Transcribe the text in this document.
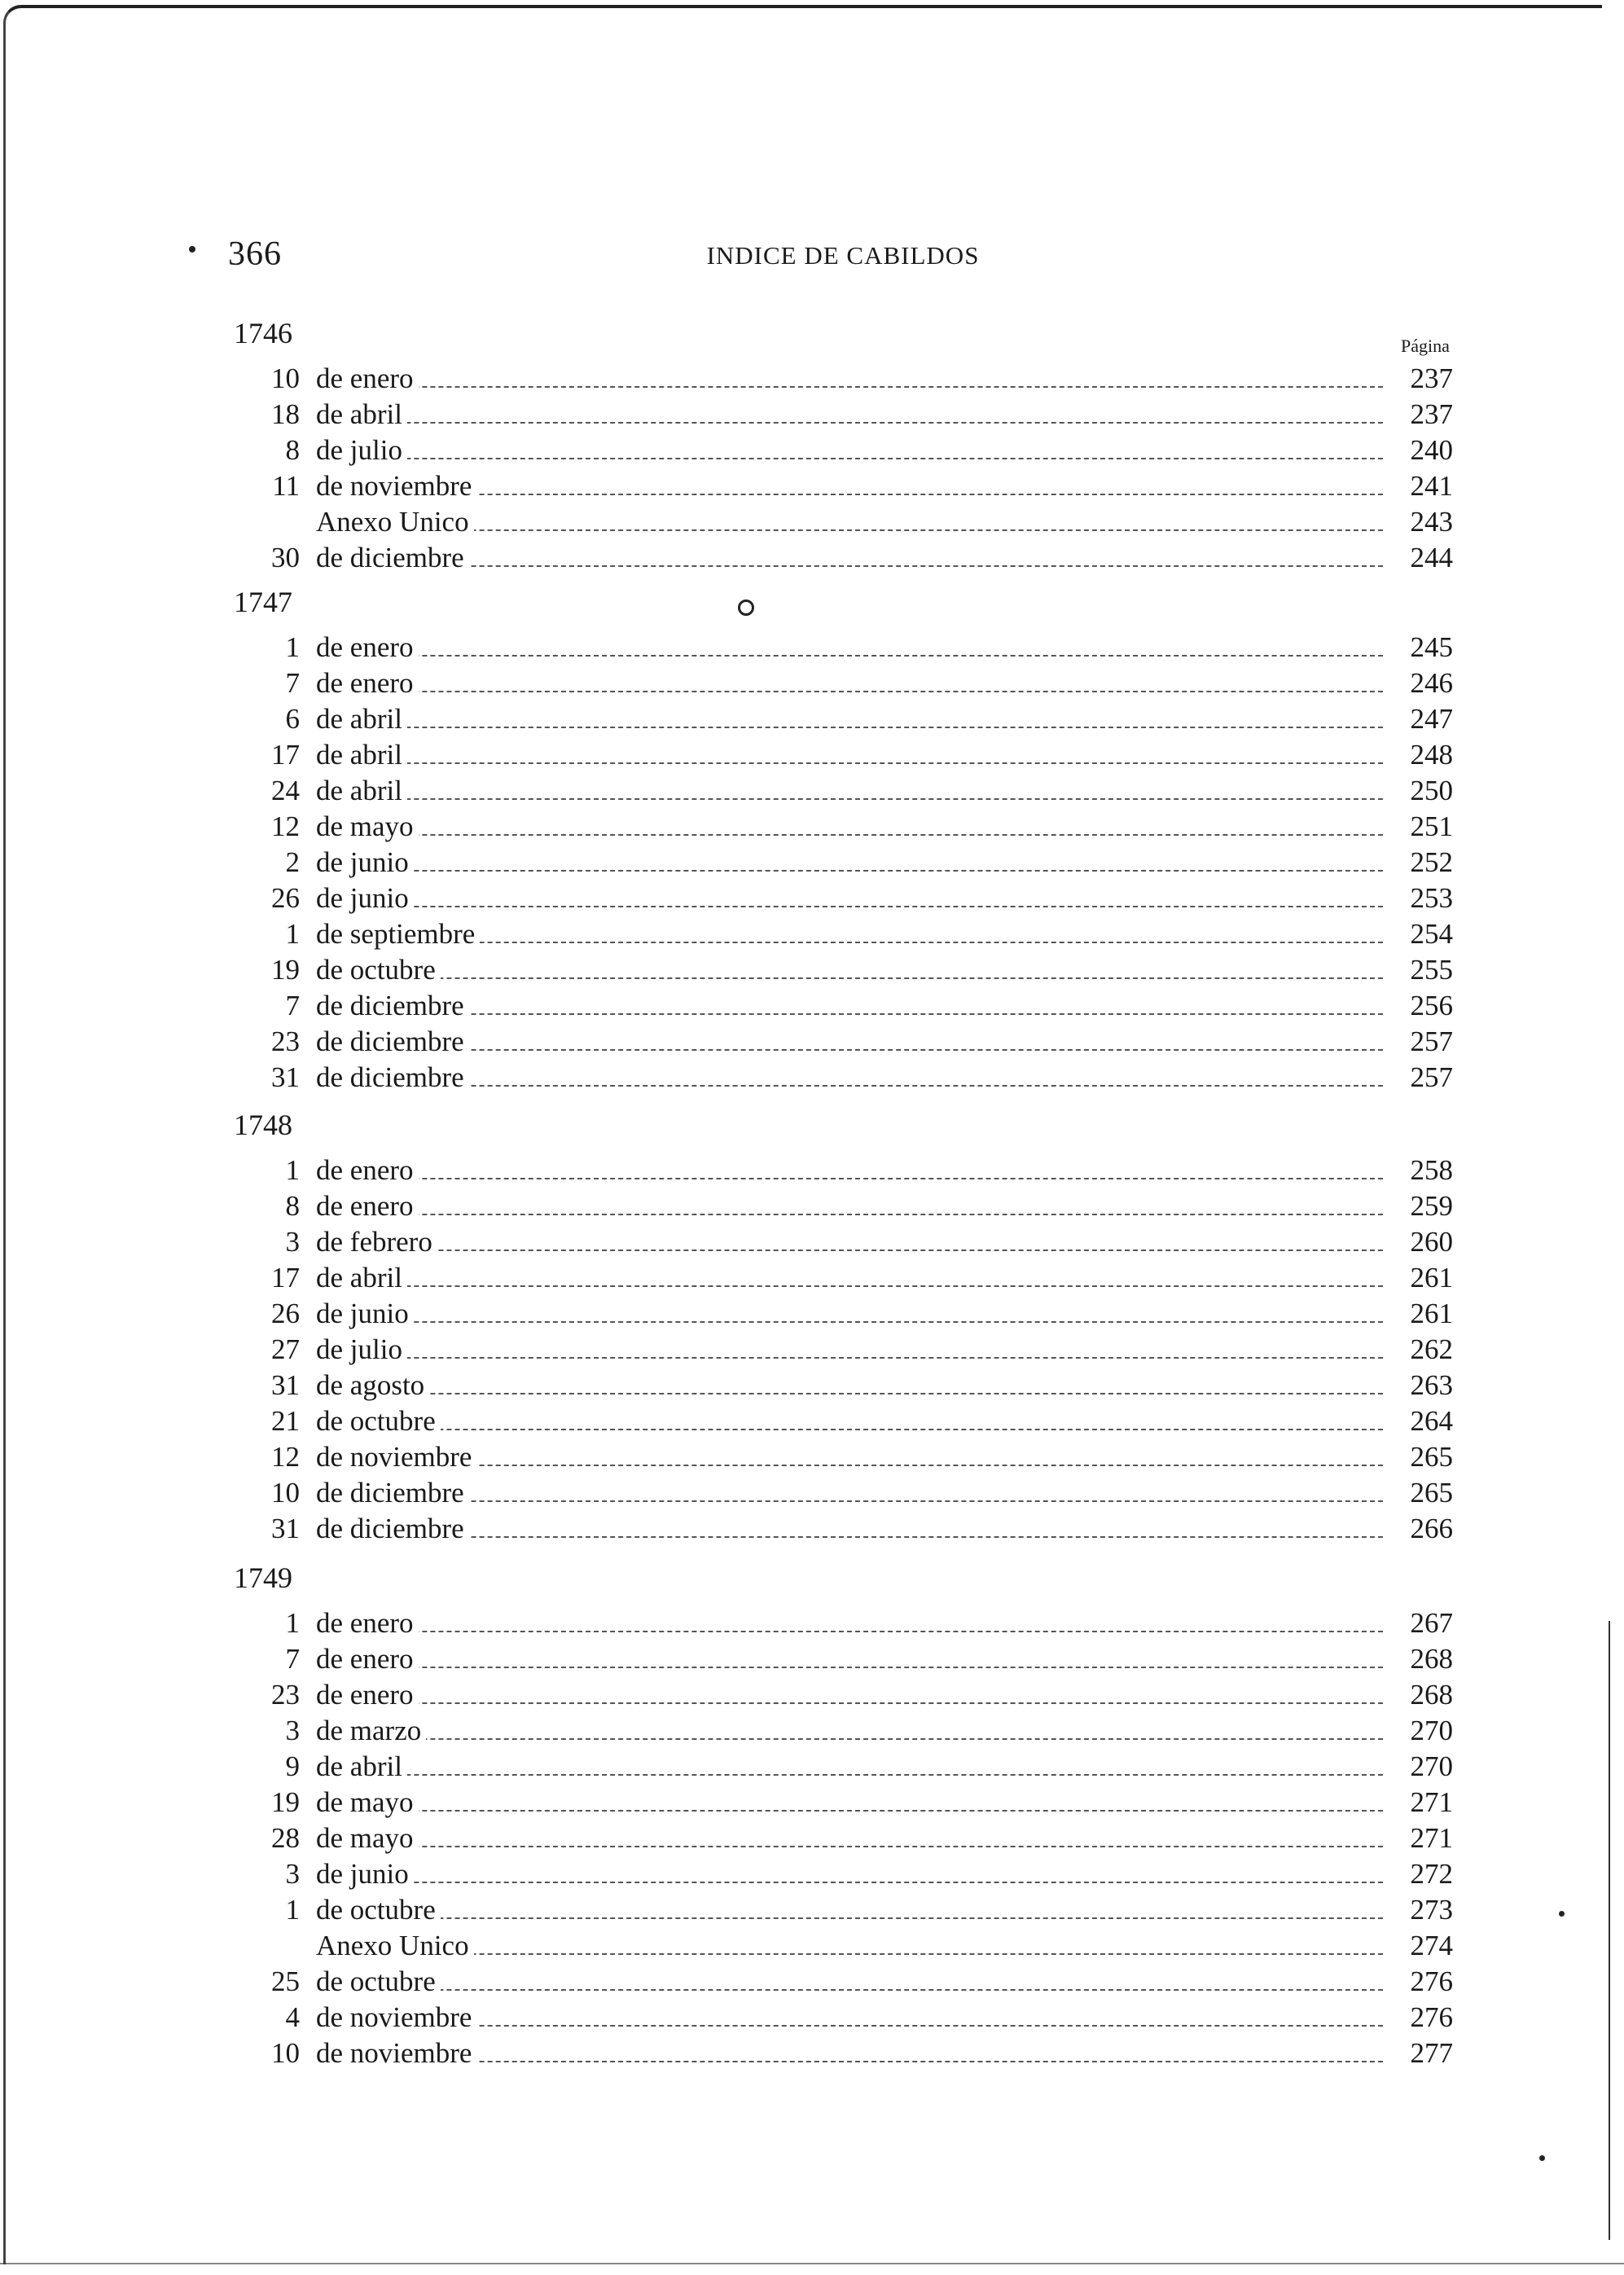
366	INDICE DE CABILDOS
Página
1746
10 de enero	237
18 de abril	237
8 de julio	240
11 de noviembre	241
Anexo Unico	243
30 de diciembre	244
1747
1 de enero	245
7 de enero	246
6 de abril	247
17 de abril	248
24 de abril	250
12 de mayo	251
2 de junio	252
26 de junio	253
1 de septiembre	254
19 de octubre	255
7 de diciembre	256
23 de diciembre	257
31 de diciembre	257
1748
1 de enero	258
8 de enero	259
3 de febrero	260
17 de abril	261
26 de junio	261
27 de julio	262
31 de agosto	263
21 de octubre	264
12 de noviembre	265
10 de diciembre	265
31 de diciembre	266
1749
1 de enero	267
7 de enero	268
23 de enero	268
3 de marzo	270
9 de abril	270
19 de mayo	271
28 de mayo	271
3 de junio	272
1 de octubre	273
Anexo Unico	274
25 de octubre	276
4 de noviembre	276
10 de noviembre	277
